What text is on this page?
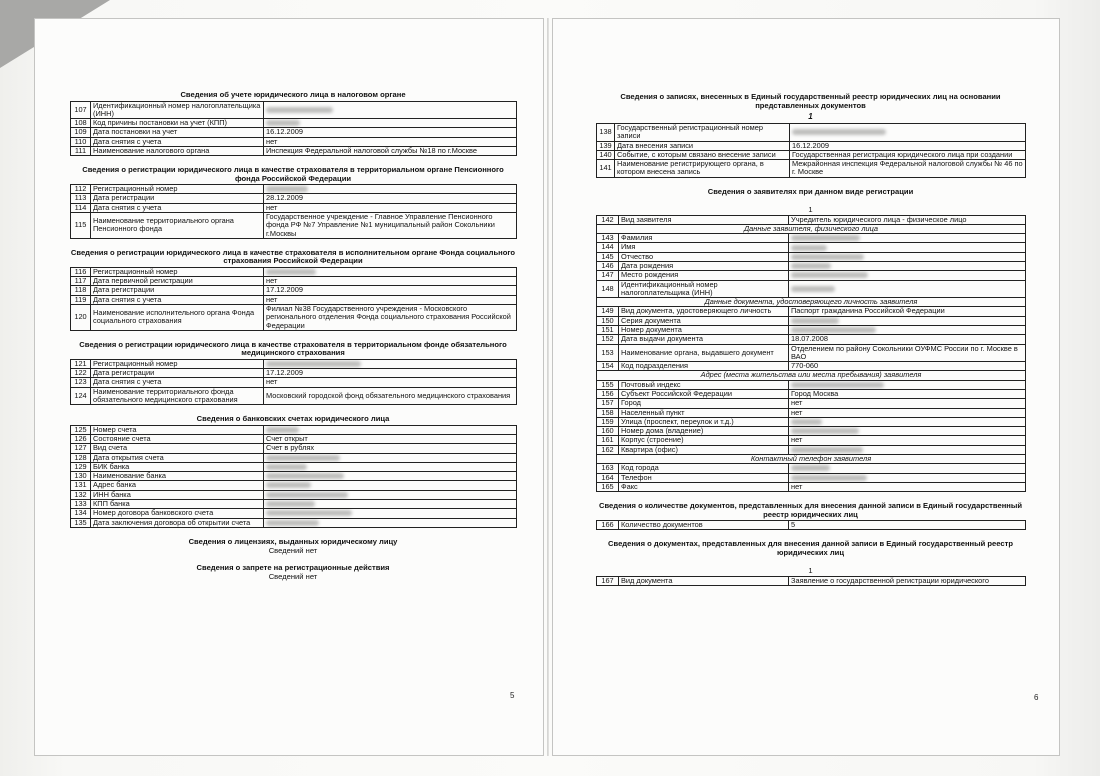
Сведения об учете юридического лица в налоговом органе
107	Идентификационный номер налогоплательщика (ИНН)	
108	Код причины постановки на учет (КПП)	
109	Дата постановки на учет	16.12.2009
110	Дата снятия с учета	нет
111	Наименование налогового органа	Инспекция Федеральной налоговой службы №18 по г.Москве
Сведения о регистрации юридического лица в качестве страхователя в территориальном органе Пенсионного фонда Российской Федерации
112	Регистрационный номер	
113	Дата регистрации	28.12.2009
114	Дата снятия с учета	нет
115	Наименование территориального органа Пенсионного фонда	Государственное учреждение - Главное Управление Пенсионного фонда РФ №7 Управление №1 муниципальный район Сокольники г.Москвы
Сведения о регистрации юридического лица в качестве страхователя в исполнительном органе Фонда социального страхования Российской Федерации
116	Регистрационный номер	
117	Дата первичной регистрации	нет
118	Дата регистрации	17.12.2009
119	Дата снятия с учета	нет
120	Наименование исполнительного органа Фонда социального страхования	Филиал №38 Государственного учреждения - Московского регионального отделения Фонда социального страхования Российской Федерации
Сведения о регистрации юридического лица в качестве страхователя в территориальном фонде обязательного медицинского страхования
121	Регистрационный номер	
122	Дата регистрации	17.12.2009
123	Дата снятия с учета	нет
124	Наименование территориального фонда обязательного медицинского страхования	Московский городской фонд обязательного медицинского страхования
Сведения о банковских счетах юридического лица
125	Номер счета	
126	Состояние счета	Счет открыт
127	Вид счета	Счет в рублях
128	Дата открытия счета	
129	БИК банка	
130	Наименование банка	
131	Адрес банка	
132	ИНН банка	
133	КПП банка	
134	Номер договора банковского счета	
135	Дата заключения договора об открытии счета	
Сведения о лицензиях, выданных юридическому лицу
Сведений нет
Сведения о запрете на регистрационные действия
Сведений нет
5
Сведения о записях, внесенных в Единый государственный реестр юридических лиц на основании представленных документов
1
138	Государственный регистрационный номер записи	
139	Дата внесения записи	16.12.2009
140	Событие, с которым связано внесение записи	Государственная регистрация юридического лица при создании
141	Наименование регистрирующего органа, в котором внесена запись	Межрайонная инспекция Федеральной налоговой службы № 46 по г. Москве
Сведения о заявителях при данном виде регистрации
1
142	Вид заявителя	Учредитель юридического лица - физическое лицо
Данные заявителя, физического лица		
143	Фамилия	
144	Имя	
145	Отчество	
146	Дата рождения	
147	Место рождения	
148	Идентификационный номер налогоплательщика (ИНН)	
Данные документа, удостоверяющего личность заявителя		
149	Вид документа, удостоверяющего личность	Паспорт гражданина Российской Федерации
150	Серия документа	
151	Номер документа	
152	Дата выдачи документа	18.07.2008
153	Наименование органа, выдавшего документ	Отделением по району Сокольники ОУФМС России по г. Москве в ВАО
154	Код подразделения	770-060
Адрес (места жительства или места пребывания) заявителя		
155	Почтовый индекс	
156	Субъект Российской Федерации	Город Москва
157	Город	нет
158	Населенный пункт	нет
159	Улица (проспект, переулок и т.д.)	
160	Номер дома (владение)	
161	Корпус (строение)	нет
162	Квартира (офис)	
Контактный телефон заявителя		
163	Код города	
164	Телефон	
165	Факс	нет
Сведения о количестве документов, представленных для внесения данной записи в Единый государственный реестр юридических лиц
166	Количество документов	5
Сведения о документах, представленных для внесения данной записи в Единый государственный реестр юридических лиц
1
167	Вид документа	Заявление о государственной регистрации юридического
6
